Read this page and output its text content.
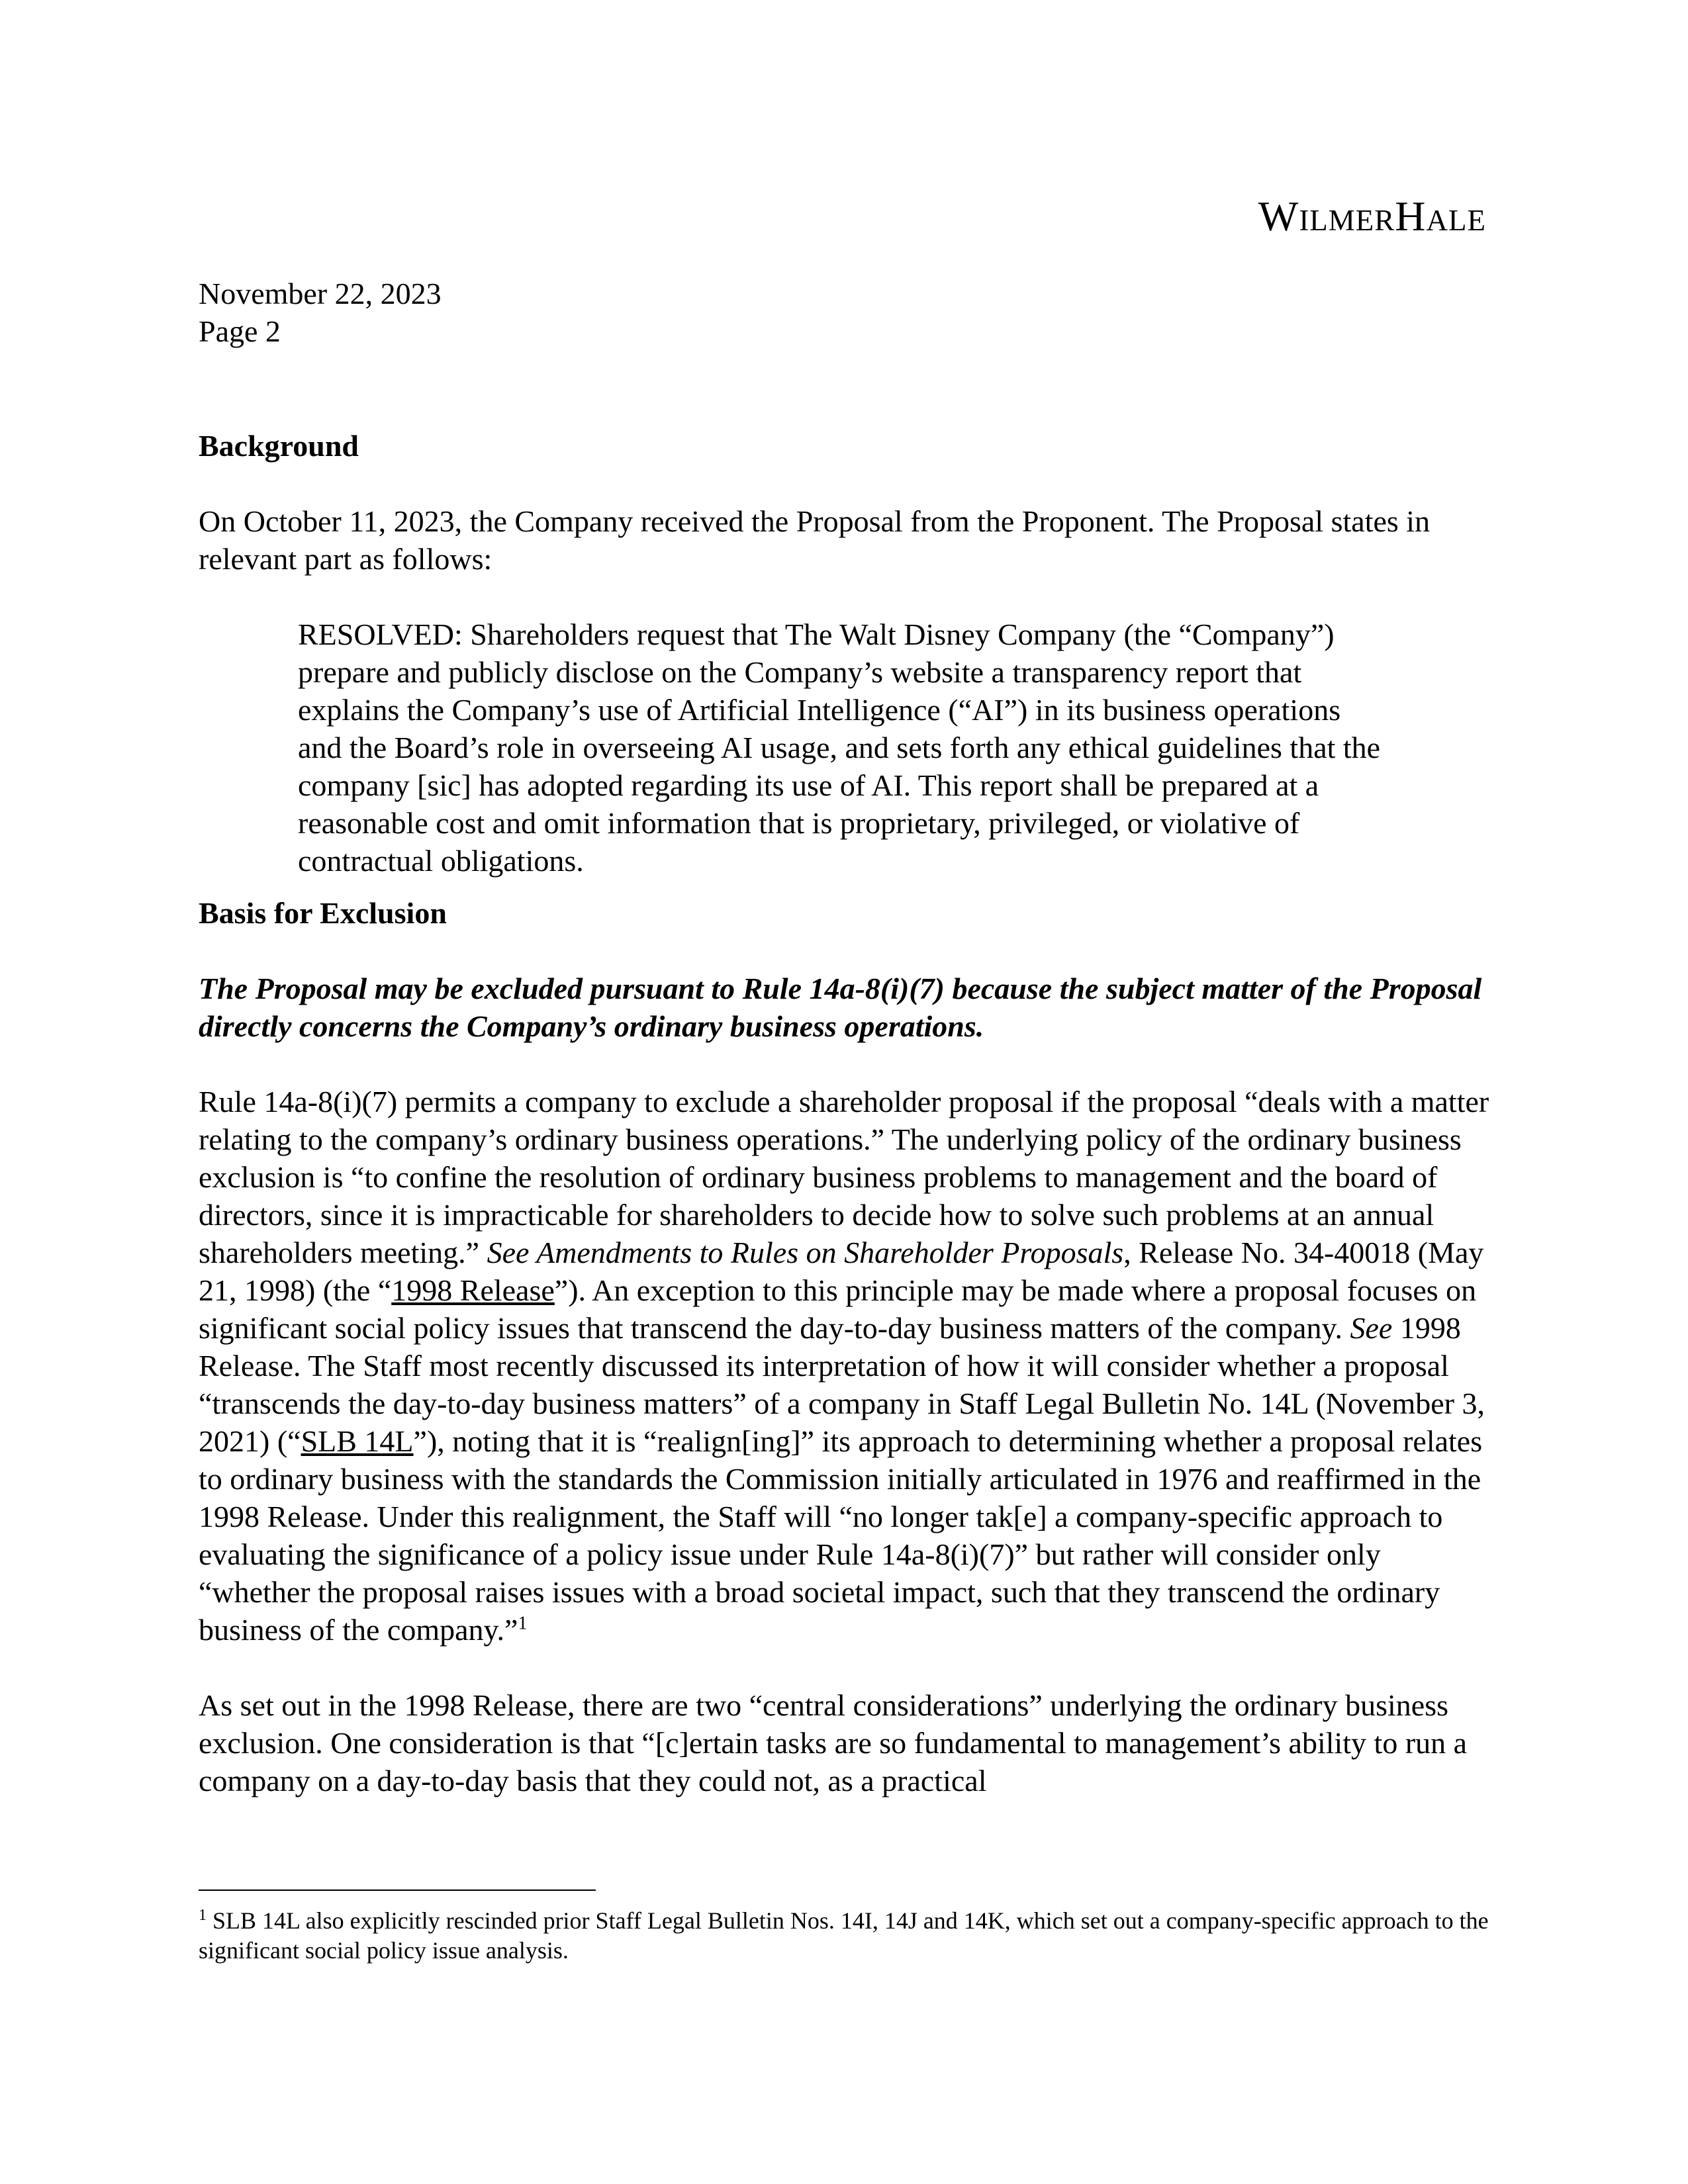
WilmerHale

November 22, 2023

Page 2

Background

On October 11, 2023, the Company received the Proposal from the Proponent. The Proposal states in relevant part as follows:

RESOLVED: Shareholders request that The Walt Disney Company (the “Company”) prepare and publicly disclose on the Company’s website a transparency report that explains the Company’s use of Artificial Intelligence (“AI”) in its business operations and the Board’s role in overseeing AI usage, and sets forth any ethical guidelines that the company [sic] has adopted regarding its use of AI. This report shall be prepared at a reasonable cost and omit information that is proprietary, privileged, or violative of contractual obligations.

Basis for Exclusion

The Proposal may be excluded pursuant to Rule 14a-8(i)(7) because the subject matter of the Proposal directly concerns the Company’s ordinary business operations.

Rule 14a-8(i)(7) permits a company to exclude a shareholder proposal if the proposal “deals with a matter relating to the company’s ordinary business operations.” The underlying policy of the ordinary business exclusion is “to confine the resolution of ordinary business problems to management and the board of directors, since it is impracticable for shareholders to decide how to solve such problems at an annual shareholders meeting.” See Amendments to Rules on Shareholder Proposals, Release No. 34-40018 (May 21, 1998) (the “1998 Release”). An exception to this principle may be made where a proposal focuses on significant social policy issues that transcend the day-to-day business matters of the company. See 1998 Release. The Staff most recently discussed its interpretation of how it will consider whether a proposal “transcends the day-to-day business matters” of a company in Staff Legal Bulletin No. 14L (November 3, 2021) (“SLB 14L”), noting that it is “realign[ing]” its approach to determining whether a proposal relates to ordinary business with the standards the Commission initially articulated in 1976 and reaffirmed in the 1998 Release. Under this realignment, the Staff will “no longer tak[e] a company-specific approach to evaluating the significance of a policy issue under Rule 14a-8(i)(7)” but rather will consider only “whether the proposal raises issues with a broad societal impact, such that they transcend the ordinary business of the company.”$^1$

As set out in the 1998 Release, there are two “central considerations” underlying the ordinary business exclusion. One consideration is that “[c]ertain tasks are so fundamental to management’s ability to run a company on a day-to-day basis that they could not, as a practical

$^1$ SLB 14L also explicitly rescinded prior Staff Legal Bulletin Nos. 14I, 14J and 14K, which set out a company-specific approach to the significant social policy issue analysis.
